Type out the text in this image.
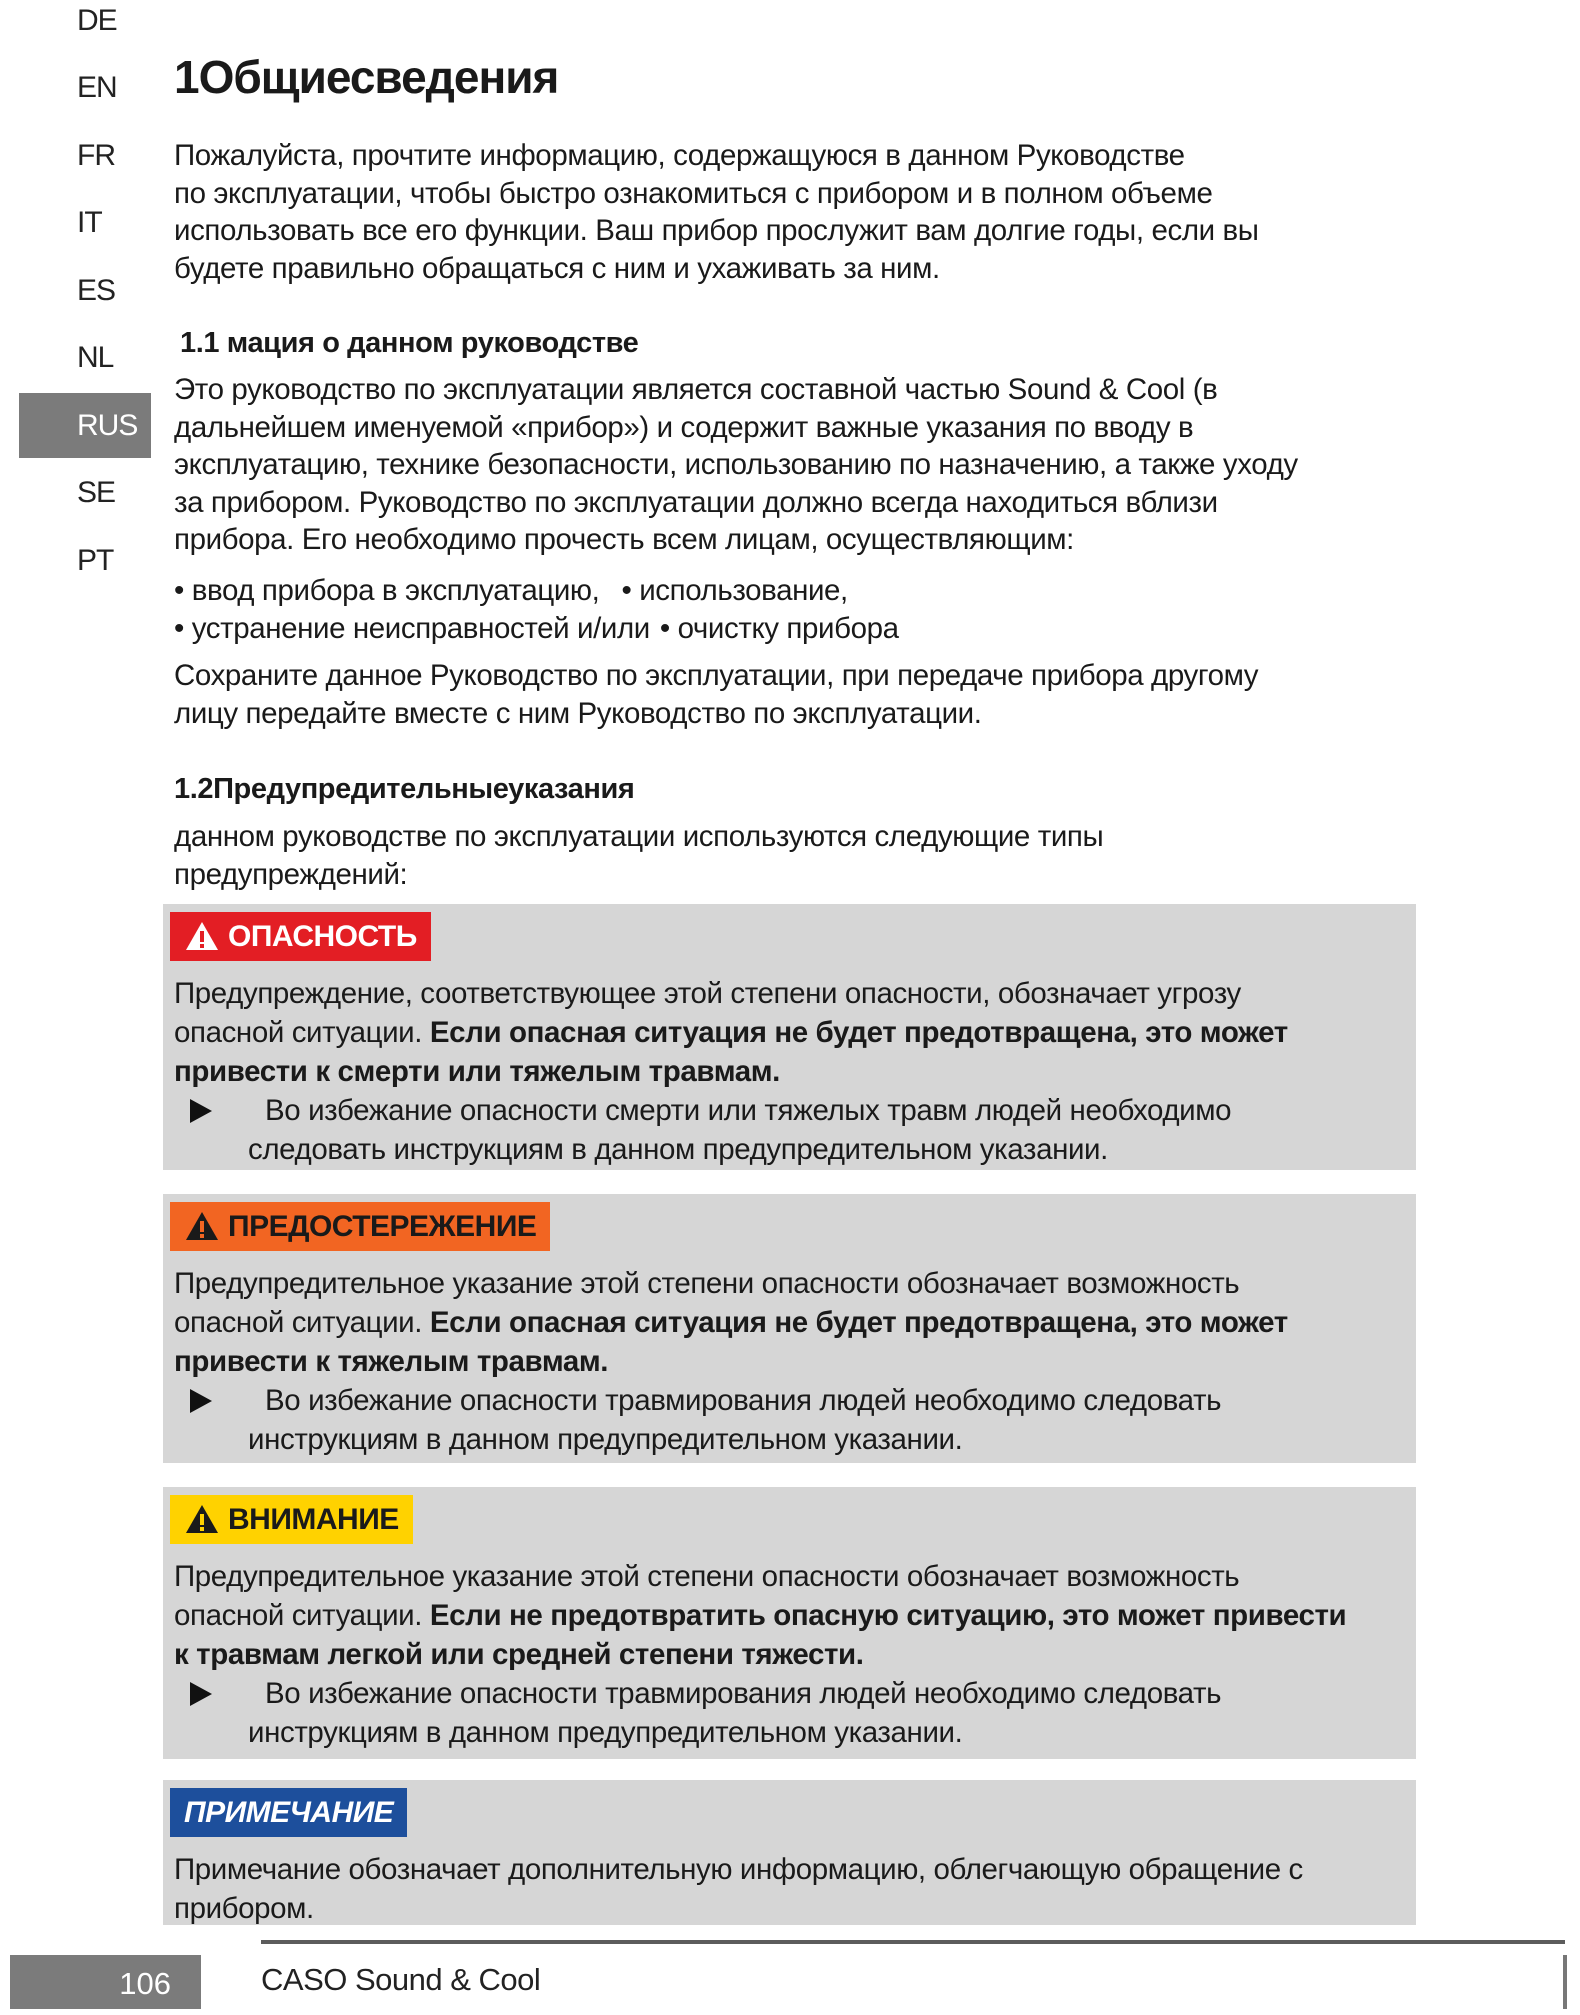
DE
EN
FR
IT
ES
NL
RUS
SE
PT
1Общиесведения
Пожалуйста, прочтите информацию, содержащуюся в данном Руководстве
по эксплуатации, чтобы быстро ознакомиться с прибором и в полном объеме
использовать все его функции. Ваш прибор прослужит вам долгие годы, если вы
будете правильно обращаться с ним и ухаживать за ним.
1.1 мация о данном руководстве
Это руководство по эксплуатации является составной частью Sound & Cool (в
дальнейшем именуемой «прибор») и содержит важные указания по вводу в
эксплуатацию, технике безопасности, использованию по назначению, а также уходу
за прибором. Руководство по эксплуатации должно всегда находиться вблизи
прибора. Его необходимо прочесть всем лицам, осуществляющим:
• ввод прибора в эксплуатацию, • использование,
• устранение неисправностей и/или • очистку прибора
Сохраните данное Руководство по эксплуатации, при передаче прибора другому
лицу передайте вместе с ним Руководство по эксплуатации.
1.2Предупредительныеуказания
данном руководстве по эксплуатации используются следующие типы
предупреждений:
ОПАСНОСТЬ
Предупреждение, соответствующее этой степени опасности, обозначает угрозу
опасной ситуации. Если опасная ситуация не будет предотвращена, это может
привести к смерти или тяжелым травмам.
Во избежание опасности смерти или тяжелых травм людей необходимо
следовать инструкциям в данном предупредительном указании.
ПРЕДОСТЕРЕЖЕНИЕ
Предупредительное указание этой степени опасности обозначает возможность
опасной ситуации. Если опасная ситуация не будет предотвращена, это может
привести к тяжелым травмам.
Во избежание опасности травмирования людей необходимо следовать
инструкциям в данном предупредительном указании.
ВНИМАНИЕ
Предупредительное указание этой степени опасности обозначает возможность
опасной ситуации. Если не предотвратить опасную ситуацию, это может привести
к травмам легкой или средней степени тяжести.
Во избежание опасности травмирования людей необходимо следовать
инструкциям в данном предупредительном указании.
ПРИМЕЧАНИЕ
Примечание обозначает дополнительную информацию, облегчающую обращение с
прибором.
106	CASO Sound & Cool
